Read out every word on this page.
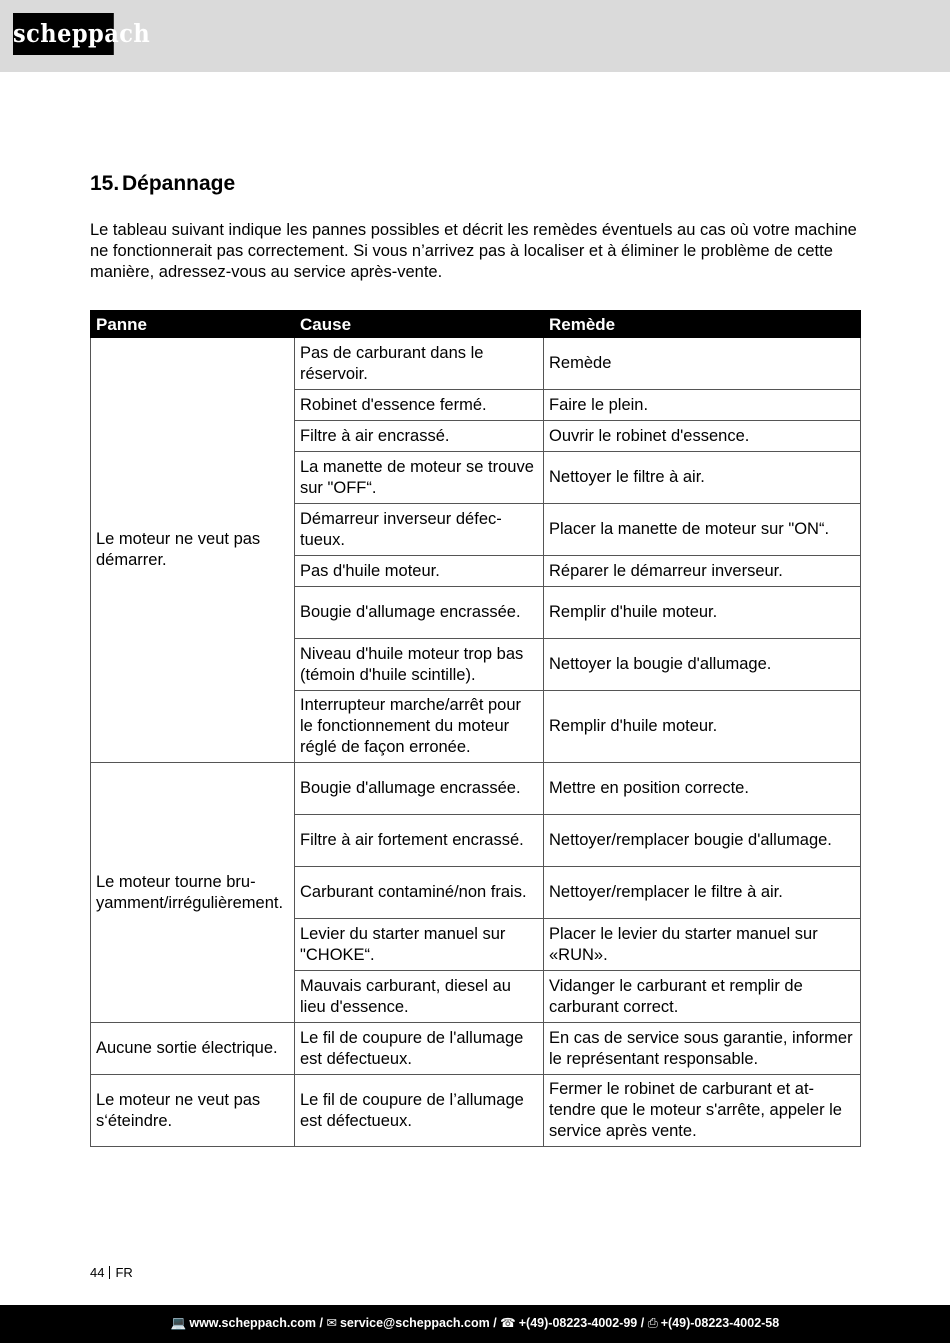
scheppach
15. Dépannage

Le tableau suivant indique les pannes possibles et décrit les remèdes éventuels au cas où votre machine ne fonctionnerait pas correctement. Si vous n’arrivez pas à localiser et à éliminer le problème de cette manière, adressez-vous au service après-vente.

Panne	Cause	Remède
Le moteur ne veut pas démarrer.	Pas de carburant dans le réservoir.	Remède
	Robinet d'essence fermé.	Faire le plein.
	Filtre à air encrassé.	Ouvrir le robinet d'essence.
	La manette de moteur se trouve sur "OFF“.	Nettoyer le filtre à air.
	Démarreur inverseur défectueux.	Placer la manette de moteur sur "ON“.
	Pas d'huile moteur.	Réparer le démarreur inverseur.
	Bougie d'allumage encrassée.	Remplir d'huile moteur.
	Niveau d'huile moteur trop bas (témoin d'huile scintille).	Nettoyer la bougie d'allumage.
	Interrupteur marche/arrêt pour le fonctionnement du moteur réglé de façon erronée.	Remplir d'huile moteur.
Le moteur tourne bruyamment/irrégulièrement.	Bougie d'allumage encrassée.	Mettre en position correcte.
	Filtre à air fortement encrassé.	Nettoyer/remplacer bougie d'allumage.
	Carburant contaminé/non frais.	Nettoyer/remplacer le filtre à air.
	Levier du starter manuel sur "CHOKE“.	Placer le levier du starter manuel sur «RUN».
	Mauvais carburant, diesel au lieu d'essence.	Vidanger le carburant et remplir de carburant correct.
Aucune sortie électrique.	Le fil de coupure de l'allumage est défectueux.	En cas de service sous garantie, informer le représentant responsable.
Le moteur ne veut pas s‘éteindre.	Le fil de coupure de l’allumage est défectueux.	Fermer le robinet de carburant et attendre que le moteur s'arrête, appeler le service après vente.
44 FR
💻 www.scheppach.com / ✉ service@scheppach.com / ☎ +(49)-08223-4002-99 / ⎙ +(49)-08223-4002-58
